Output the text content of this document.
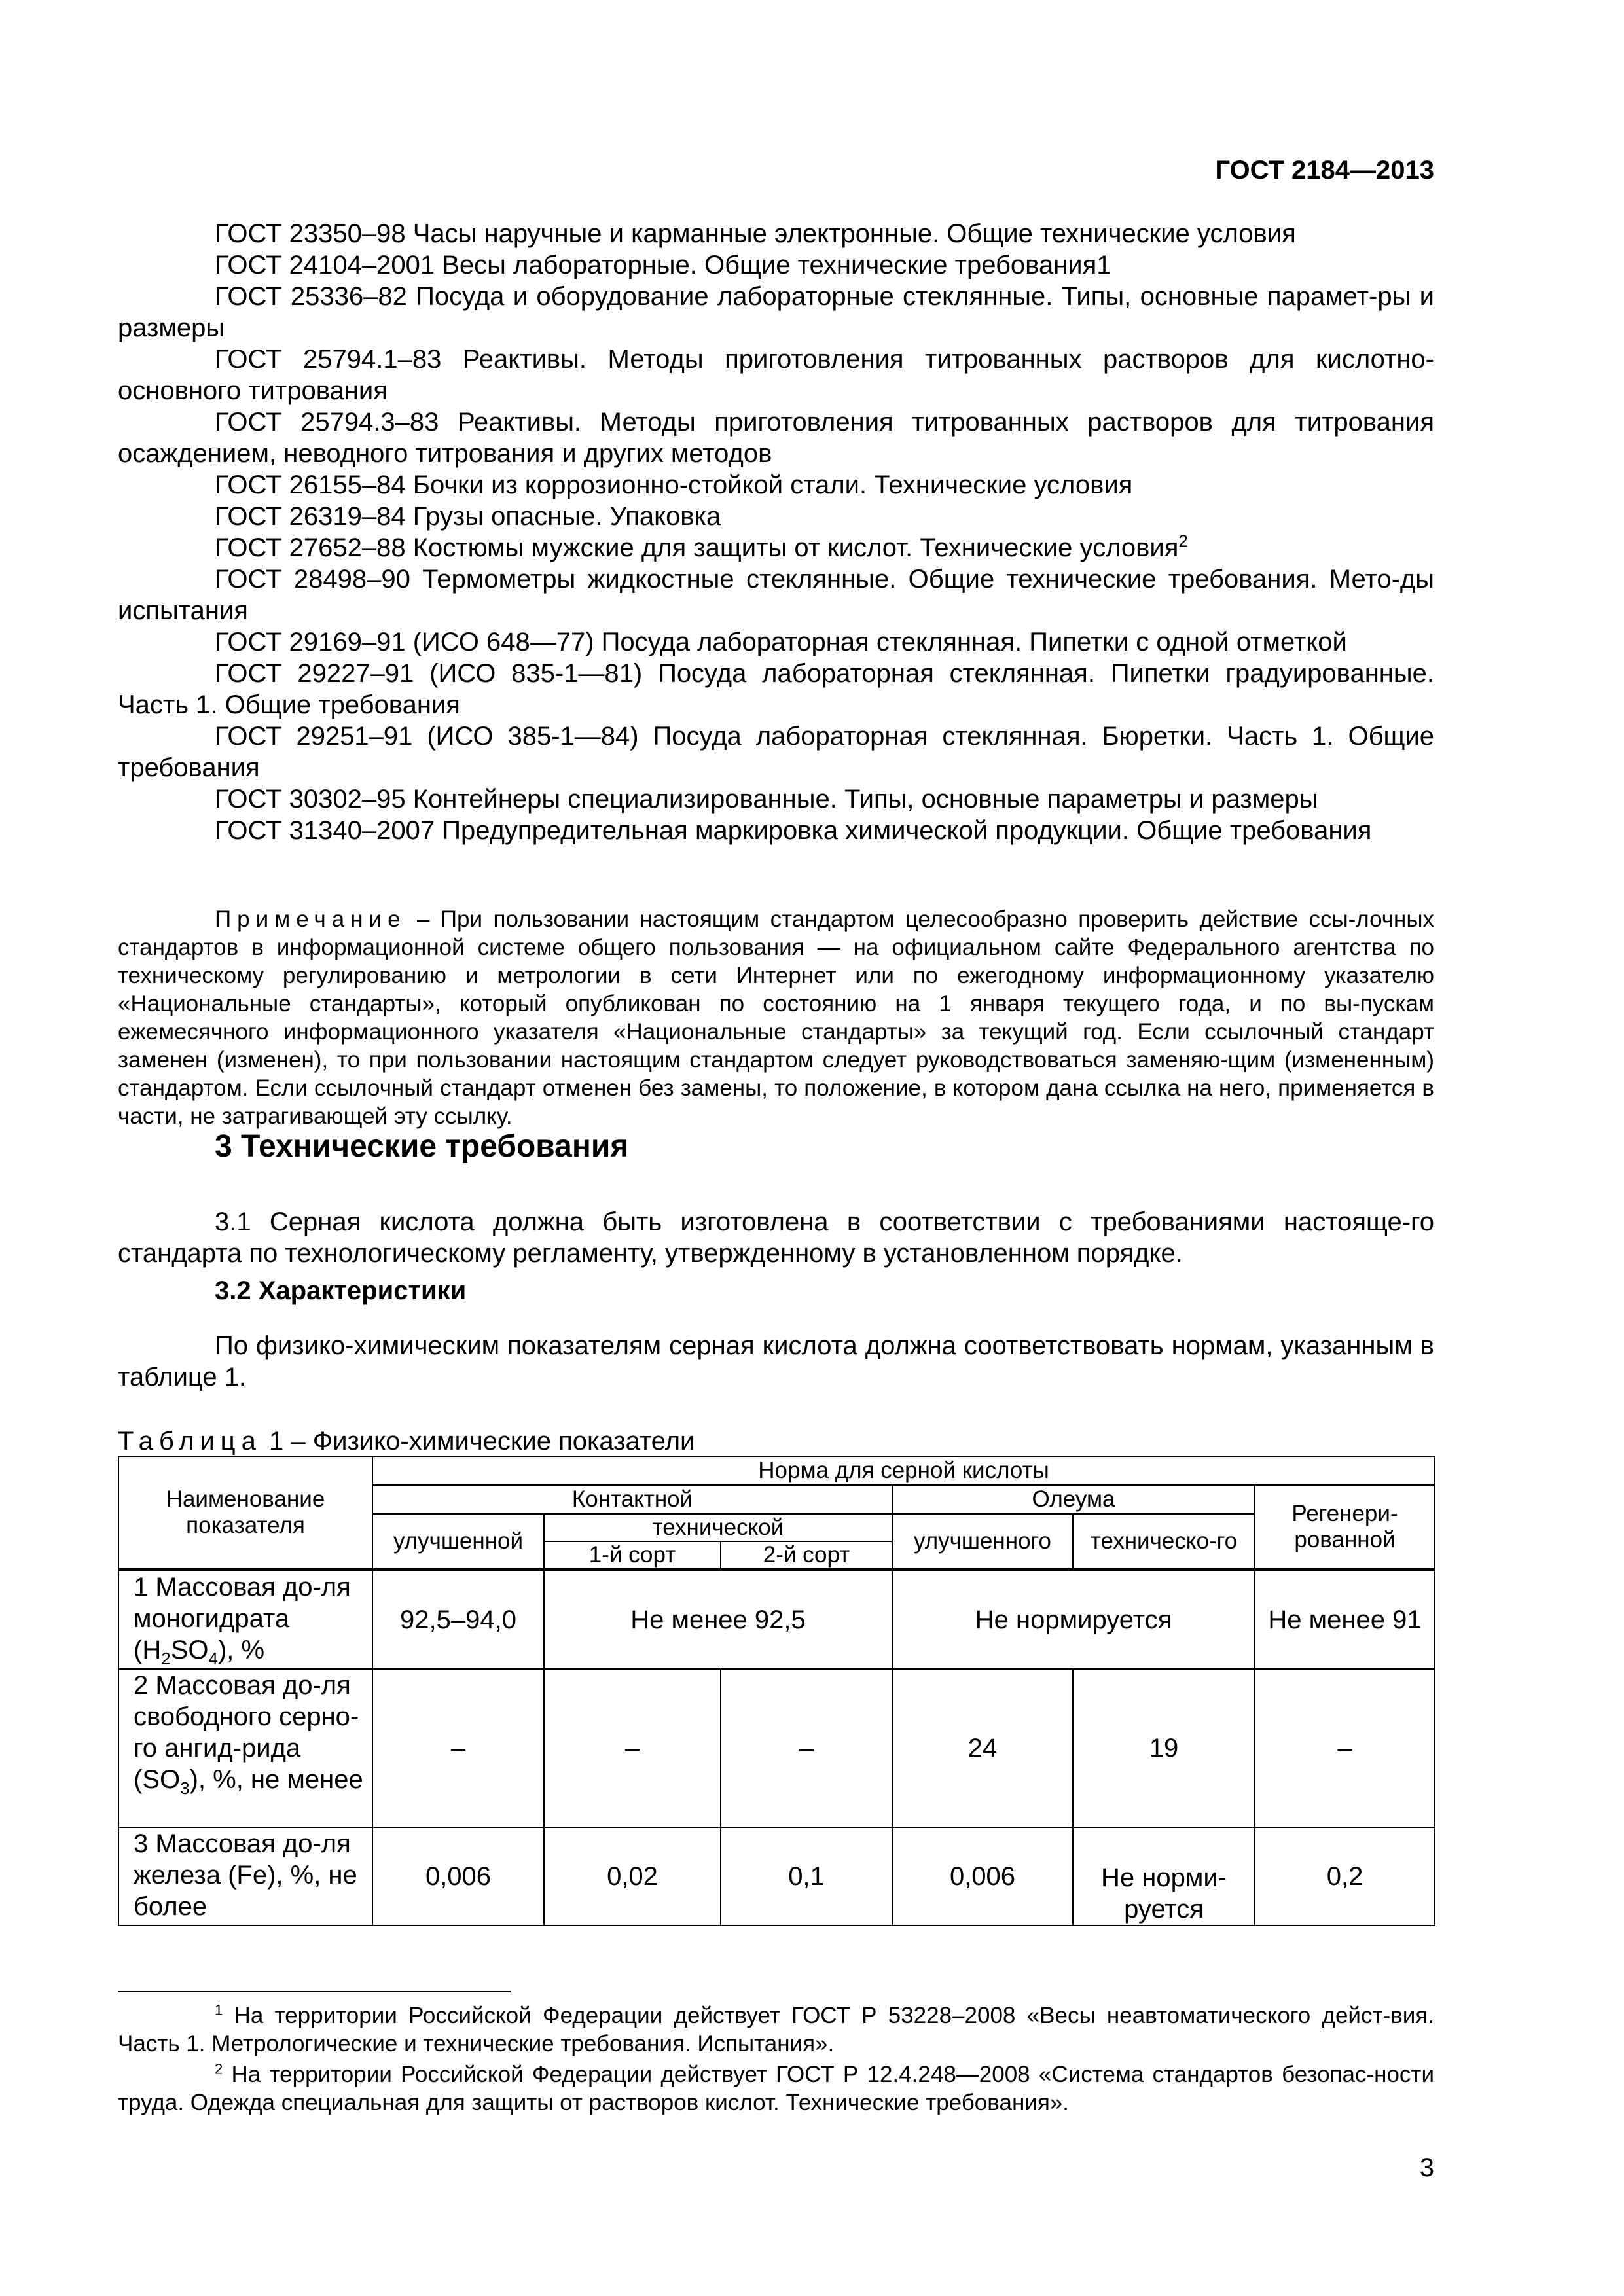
ГОСТ 2184—2013

ГОСТ 23350–98 Часы наручные и карманные электронные. Общие технические условия

ГОСТ 24104–2001 Весы лабораторные. Общие технические требования1

ГОСТ 25336–82 Посуда и оборудование лабораторные стеклянные. Типы, основные парамет-ры и размеры

ГОСТ 25794.1–83 Реактивы. Методы приготовления титрованных растворов для кислотно-основного титрования

ГОСТ 25794.3–83 Реактивы. Методы приготовления титрованных растворов для титрования осаждением, неводного титрования и других методов

ГОСТ 26155–84 Бочки из коррозионно-стойкой стали. Технические условия

ГОСТ 26319–84 Грузы опасные. Упаковка

ГОСТ 27652–88 Костюмы мужские для защиты от кислот. Технические условия$^2$

ГОСТ 28498–90 Термометры жидкостные стеклянные. Общие технические требования. Мето-ды испытания

ГОСТ 29169–91 (ИСО 648—77) Посуда лабораторная стеклянная. Пипетки с одной отметкой

ГОСТ 29227–91 (ИСО 835-1—81) Посуда лабораторная стеклянная. Пипетки градуированные. Часть 1. Общие требования

ГОСТ 29251–91 (ИСО 385-1—84) Посуда лабораторная стеклянная. Бюретки. Часть 1. Общие требования

ГОСТ 30302–95 Контейнеры специализированные. Типы, основные параметры и размеры

ГОСТ 31340–2007 Предупредительная маркировка химической продукции. Общие требования

Примечание – При пользовании настоящим стандартом целесообразно проверить действие ссы-лочных стандартов в информационной системе общего пользования — на официальном сайте Федерального агентства по техническому регулированию и метрологии в сети Интернет или по ежегодному информационному указателю «Национальные стандарты», который опубликован по состоянию на 1 января текущего года, и по вы-пускам ежемесячного информационного указателя «Национальные стандарты» за текущий год. Если ссылочный стандарт заменен (изменен), то при пользовании настоящим стандартом следует руководствоваться заменяю-щим (измененным) стандартом. Если ссылочный стандарт отменен без замены, то положение, в котором дана ссылка на него, применяется в части, не затрагивающей эту ссылку.

3 Технические требования

3.1 Серная кислота должна быть изготовлена в соответствии с требованиями настояще-го стандарта по технологическому регламенту, утвержденному в установленном порядке.

3.2 Характеристики

По физико-химическим показателям серная кислота должна соответствовать нормам, указанным в таблице 1.

Таблица 1 – Физико-химические показатели
Наименование показателя	Норма для серной кислоты					
	Контактной			Олеума		Регенери-рованной
	улучшенной	технической		улучшенного	техническо-го	
		1-й сорт	2-й сорт			
1 Массовая до-ля моногидрата $(H_2SO_4)$, %	92,5–94,0	Не менее 92,5		Не нормируется		Не менее 91
2 Массовая до-ля свободного серно-го ангид-рида $(SO_3)$, %, не менее	–	–	–	24	19	–
3 Массовая до-ля железа (Fe), %, не более	0,006	0,02	0,1	0,006	Не норми-руется	0,2

$^1$ На территории Российской Федерации действует ГОСТ Р 53228–2008 «Весы неавтоматического дейст-вия. Часть 1. Метрологические и технические требования. Испытания».

$^2$ На территории Российской Федерации действует ГОСТ Р 12.4.248—2008 «Система стандартов безопас-ности труда. Одежда специальная для защиты от растворов кислот. Технические требования».

3
